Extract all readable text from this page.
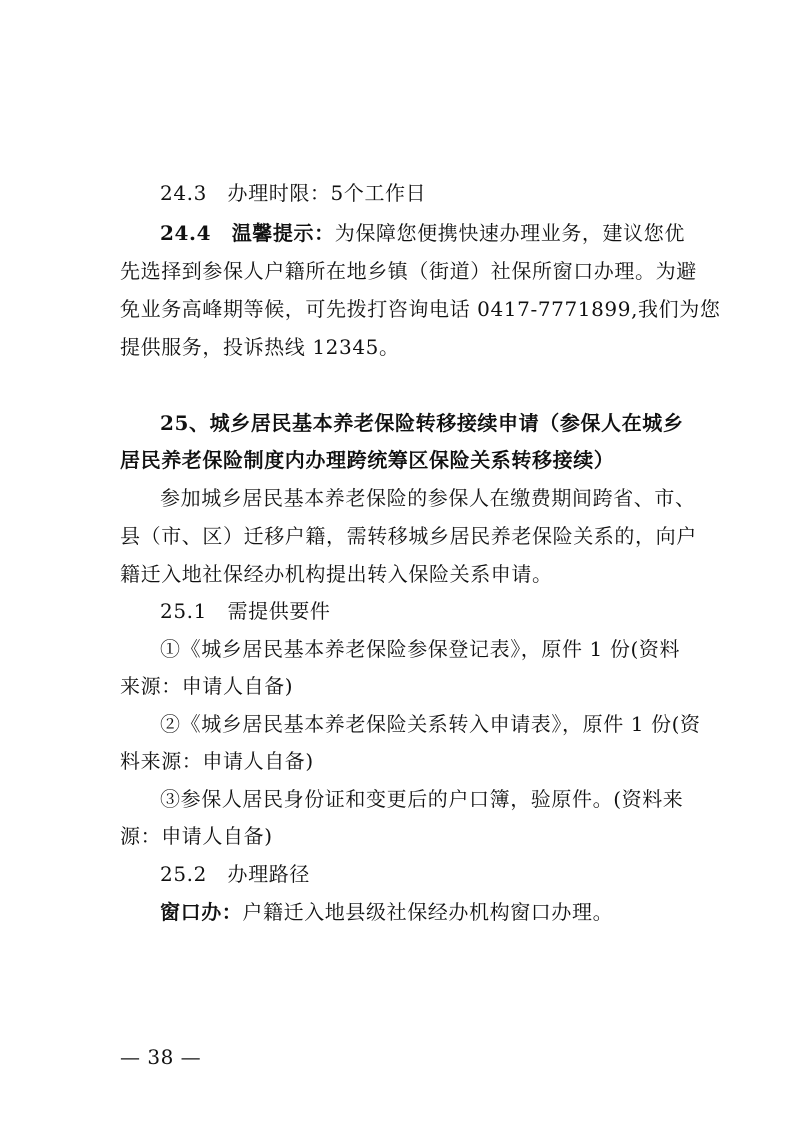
24.3　办理时限：5个工作日
24.4　温馨提示：为保障您便携快速办理业务，建议您优
先选择到参保人户籍所在地乡镇（街道）社保所窗口办理。为避
免业务高峰期等候，可先拨打咨询电话 0417-7771899,我们为您
提供服务，投诉热线 12345。
25、城乡居民基本养老保险转移接续申请（参保人在城乡
居民养老保险制度内办理跨统筹区保险关系转移接续）
参加城乡居民基本养老保险的参保人在缴费期间跨省、市、
县（市、区）迁移户籍，需转移城乡居民养老保险关系的，向户
籍迁入地社保经办机构提出转入保险关系申请。
25.1　需提供要件
①《城乡居民基本养老保险参保登记表》，原件 1 份(资料
来源：申请人自备)
②《城乡居民基本养老保险关系转入申请表》，原件 1 份(资
料来源：申请人自备)
③参保人居民身份证和变更后的户口簿，验原件。(资料来
源：申请人自备)
25.2　办理路径
窗口办：户籍迁入地县级社保经办机构窗口办理。
— 38 —
